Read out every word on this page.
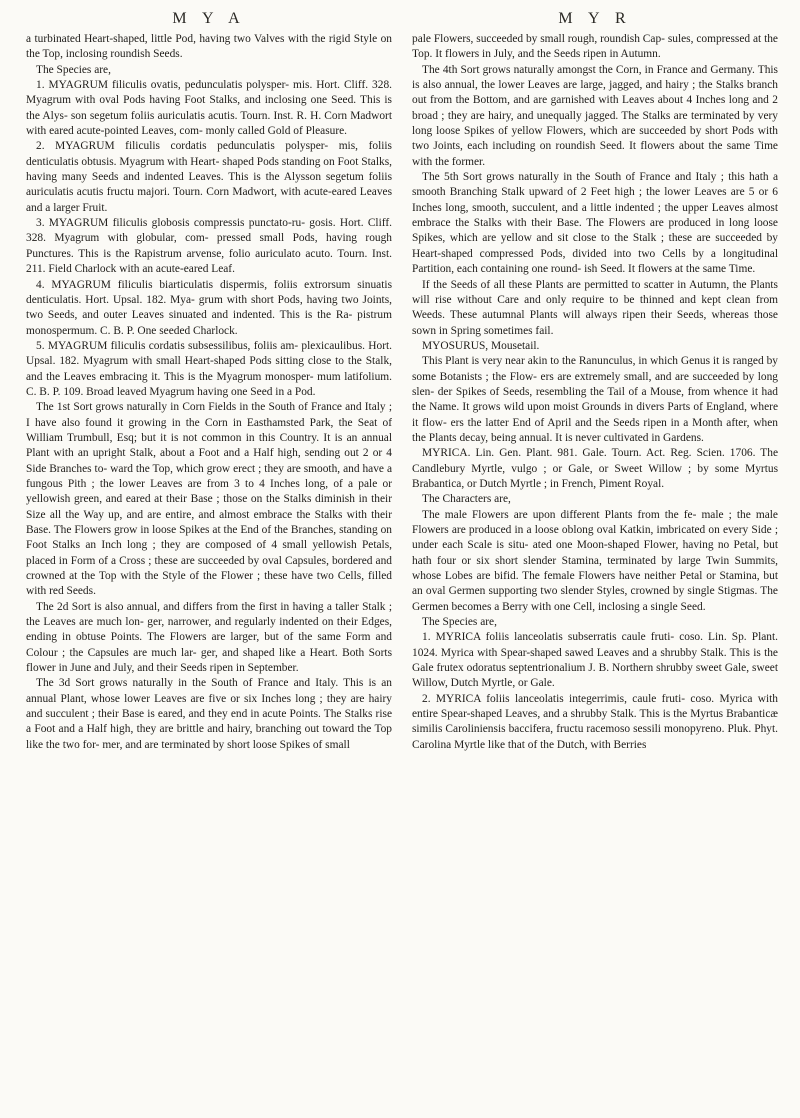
M Y A	M Y R

a turbinated Heart-shaped, little Pod, having two Valves with the rigid Style on the Top, inclosing roundish Seeds.

The Species are,

1. MYAGRUM filiculis ovatis, pedunculatis polysper- mis. Hort. Cliff. 328. Myagrum with oval Pods having Foot Stalks, and inclosing one Seed. This is the Alys- son segetum foliis auriculatis acutis. Tourn. Inst. R. H. Corn Madwort with eared acute-pointed Leaves, com- monly called Gold of Pleasure.

2. MYAGRUM filiculis cordatis pedunculatis polysper- mis, foliis denticulatis obtusis. Myagrum with Heart- shaped Pods standing on Foot Stalks, having many Seeds and indented Leaves. This is the Alysson segetum foliis auriculatis acutis fructu majori. Tourn. Corn Madwort, with acute-eared Leaves and a larger Fruit.

3. MYAGRUM filiculis globosis compressis punctato-ru- gosis. Hort. Cliff. 328. Myagrum with globular, com- pressed small Pods, having rough Punctures. This is the Rapistrum arvense, folio auriculato acuto. Tourn. Inst. 211. Field Charlock with an acute-eared Leaf.

4. MYAGRUM filiculis biarticulatis dispermis, foliis extrorsum sinuatis denticulatis. Hort. Upsal. 182. Mya- grum with short Pods, having two Joints, two Seeds, and outer Leaves sinuated and indented. This is the Ra- pistrum monospermum. C. B. P. One seeded Charlock.

5. MYAGRUM filiculis cordatis subsessilibus, foliis am- plexicaulibus. Hort. Upsal. 182. Myagrum with small Heart-shaped Pods sitting close to the Stalk, and the Leaves embracing it. This is the Myagrum monosper- mum latifolium. C. B. P. 109. Broad leaved Myagrum having one Seed in a Pod.

The 1st Sort grows naturally in Corn Fields in the South of France and Italy ; I have also found it growing in the Corn in Easthamsted Park, the Seat of William Trumbull, Esq; but it is not common in this Country. It is an annual Plant with an upright Stalk, about a Foot and a Half high, sending out 2 or 4 Side Branches to- ward the Top, which grow erect ; they are smooth, and have a fungous Pith ; the lower Leaves are from 3 to 4 Inches long, of a pale or yellowish green, and eared at their Base ; those on the Stalks diminish in their Size all the Way up, and are entire, and almost embrace the Stalks with their Base. The Flowers grow in loose Spikes at the End of the Branches, standing on Foot Stalks an Inch long ; they are composed of 4 small yellowish Petals, placed in Form of a Cross ; these are succeeded by oval Capsules, bordered and crowned at the Top with the Style of the Flower ; these have two Cells, filled with red Seeds.

The 2d Sort is also annual, and differs from the first in having a taller Stalk ; the Leaves are much lon- ger, narrower, and regularly indented on their Edges, ending in obtuse Points. The Flowers are larger, but of the same Form and Colour ; the Capsules are much lar- ger, and shaped like a Heart. Both Sorts flower in June and July, and their Seeds ripen in September.

The 3d Sort grows naturally in the South of France and Italy. This is an annual Plant, whose lower Leaves are five or six Inches long ; they are hairy and succulent ; their Base is eared, and they end in acute Points. The Stalks rise a Foot and a Half high, they are brittle and hairy, branching out toward the Top like the two for- mer, and are terminated by short loose Spikes of small

pale Flowers, succeeded by small rough, roundish Cap- sules, compressed at the Top. It flowers in July, and the Seeds ripen in Autumn.

The 4th Sort grows naturally amongst the Corn, in France and Germany. This is also annual, the lower Leaves are large, jagged, and hairy ; the Stalks branch out from the Bottom, and are garnished with Leaves about 4 Inches long and 2 broad ; they are hairy, and unequally jagged. The Stalks are terminated by very long loose Spikes of yellow Flowers, which are succeeded by short Pods with two Joints, each including on roundish Seed. It flowers about the same Time with the former.

The 5th Sort grows naturally in the South of France and Italy ; this hath a smooth Branching Stalk upward of 2 Feet high ; the lower Leaves are 5 or 6 Inches long, smooth, succulent, and a little indented ; the upper Leaves almost embrace the Stalks with their Base. The Flowers are produced in long loose Spikes, which are yellow and sit close to the Stalk ; these are succeeded by Heart-shaped compressed Pods, divided into two Cells by a longitudinal Partition, each containing one round- ish Seed. It flowers at the same Time.

If the Seeds of all these Plants are permitted to scatter in Autumn, the Plants will rise without Care and only require to be thinned and kept clean from Weeds. These autumnal Plants will always ripen their Seeds, whereas those sown in Spring sometimes fail.

MYOSURUS, Mousetail.

This Plant is very near akin to the Ranunculus, in which Genus it is ranged by some Botanists ; the Flow- ers are extremely small, and are succeeded by long slen- der Spikes of Seeds, resembling the Tail of a Mouse, from whence it had the Name. It grows wild upon moist Grounds in divers Parts of England, where it flow- ers the latter End of April and the Seeds ripen in a Month after, when the Plants decay, being annual. It is never cultivated in Gardens.

MYRICA. Lin. Gen. Plant. 981. Gale. Tourn. Act. Reg. Scien. 1706. The Candlebury Myrtle, vulgo ; or Gale, or Sweet Willow ; by some Myrtus Brabantica, or Dutch Myrtle ; in French, Piment Royal.

The Characters are,

The male Flowers are upon different Plants from the fe- male ; the male Flowers are produced in a loose oblong oval Katkin, imbricated on every Side ; under each Scale is situ- ated one Moon-shaped Flower, having no Petal, but hath four or six short slender Stamina, terminated by large Twin Summits, whose Lobes are bifid. The female Flowers have neither Petal or Stamina, but an oval Germen supporting two slender Styles, crowned by single Stigmas. The Germen becomes a Berry with one Cell, inclosing a single Seed.

The Species are,

1. MYRICA foliis lanceolatis subserratis caule fruti- coso. Lin. Sp. Plant. 1024. Myrica with Spear-shaped sawed Leaves and a shrubby Stalk. This is the Gale frutex odoratus septentrionalium J. B. Northern shrubby sweet Gale, sweet Willow, Dutch Myrtle, or Gale.

2. MYRICA foliis lanceolatis integerrimis, caule fruti- coso. Myrica with entire Spear-shaped Leaves, and a shrubby Stalk. This is the Myrtus Brabanticæ similis Caroliniensis baccifera, fructu racemoso sessili monopyreno. Pluk. Phyt. Carolina Myrtle like that of the Dutch, with Berries
